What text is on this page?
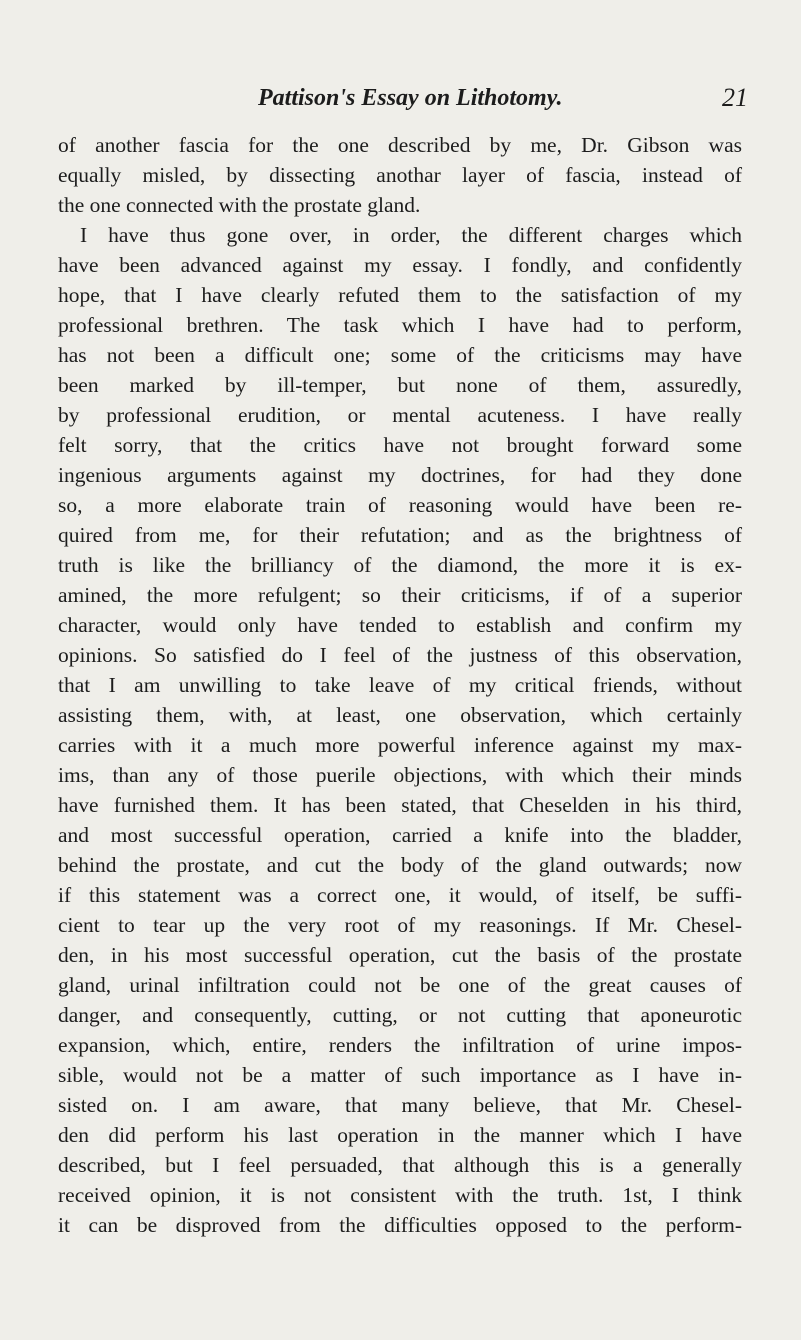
Pattison's Essay on Lithotomy.	21
of another fascia for the one described by me, Dr. Gibson was
equally misled, by dissecting anothar layer of fascia, instead of
the one connected with the prostate gland.
I have thus gone over, in order, the different charges which
have been advanced against my essay. I fondly, and confidently
hope, that I have clearly refuted them to the satisfaction of my
professional brethren. The task which I have had to perform,
has not been a difficult one; some of the criticisms may have
been marked by ill-temper, but none of them, assuredly,
by professional erudition, or mental acuteness. I have really
felt sorry, that the critics have not brought forward some
ingenious arguments against my doctrines, for had they done
so, a more elaborate train of reasoning would have been re-
quired from me, for their refutation; and as the brightness of
truth is like the brilliancy of the diamond, the more it is ex-
amined, the more refulgent; so their criticisms, if of a superior
character, would only have tended to establish and confirm my
opinions. So satisfied do I feel of the justness of this observation,
that I am unwilling to take leave of my critical friends, without
assisting them, with, at least, one observation, which certainly
carries with it a much more powerful inference against my max-
ims, than any of those puerile objections, with which their minds
have furnished them. It has been stated, that Cheselden in his third,
and most successful operation, carried a knife into the bladder,
behind the prostate, and cut the body of the gland outwards; now
if this statement was a correct one, it would, of itself, be suffi-
cient to tear up the very root of my reasonings. If Mr. Chesel-
den, in his most successful operation, cut the basis of the prostate
gland, urinal infiltration could not be one of the great causes of
danger, and consequently, cutting, or not cutting that aponeurotic
expansion, which, entire, renders the infiltration of urine impos-
sible, would not be a matter of such importance as I have in-
sisted on. I am aware, that many believe, that Mr. Chesel-
den did perform his last operation in the manner which I have
described, but I feel persuaded, that although this is a generally
received opinion, it is not consistent with the truth. 1st, I think
it can be disproved from the difficulties opposed to the perform-
